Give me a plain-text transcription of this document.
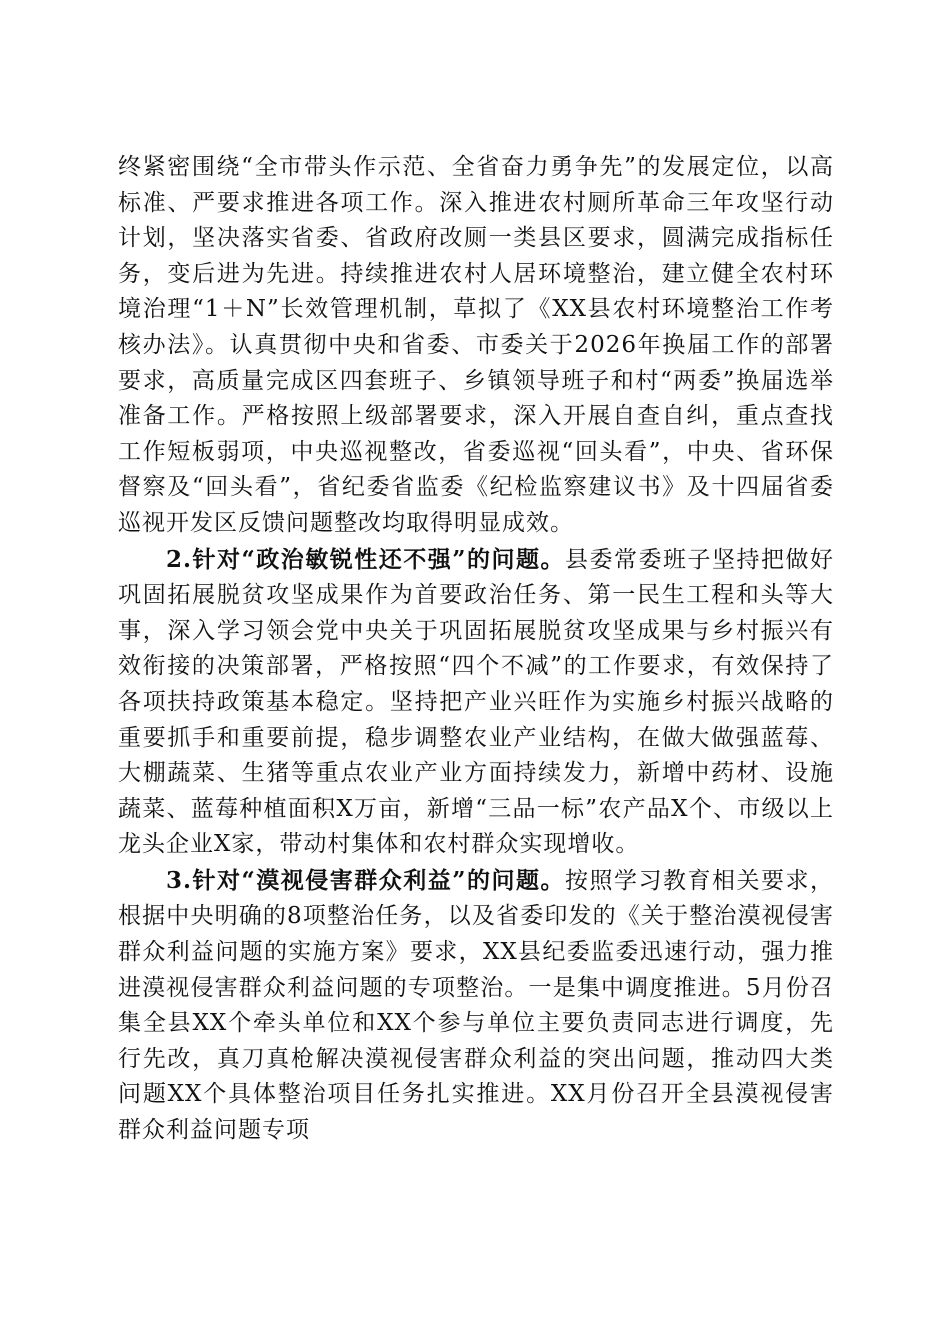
终紧密围绕“全市带头作示范、全省奋力勇争先”的发展定位，以高标准、严要求推进各项工作。深入推进农村厕所革命三年攻坚行动计划，坚决落实省委、省政府改厕一类县区要求，圆满完成指标任务，变后进为先进。持续推进农村人居环境整治，建立健全农村环境治理“1＋N”长效管理机制，草拟了《XX县农村环境整治工作考核办法》。认真贯彻中央和省委、市委关于2026年换届工作的部署要求，高质量完成区四套班子、乡镇领导班子和村“两委”换届选举准备工作。严格按照上级部署要求，深入开展自查自纠，重点查找工作短板弱项，中央巡视整改，省委巡视“回头看”，中央、省环保督察及“回头看”，省纪委省监委《纪检监察建议书》及十四届省委巡视开发区反馈问题整改均取得明显成效。

2.针对“政治敏锐性还不强”的问题。县委常委班子坚持把做好巩固拓展脱贫攻坚成果作为首要政治任务、第一民生工程和头等大事，深入学习领会党中央关于巩固拓展脱贫攻坚成果与乡村振兴有效衔接的决策部署，严格按照“四个不减”的工作要求，有效保持了各项扶持政策基本稳定。坚持把产业兴旺作为实施乡村振兴战略的重要抓手和重要前提，稳步调整农业产业结构，在做大做强蓝莓、大棚蔬菜、生猪等重点农业产业方面持续发力，新增中药材、设施蔬菜、蓝莓种植面积X万亩，新增“三品一标”农产品X个、市级以上龙头企业X家，带动村集体和农村群众实现增收。

3.针对“漠视侵害群众利益”的问题。按照学习教育相关要求，根据中央明确的8项整治任务，以及省委印发的《关于整治漠视侵害群众利益问题的实施方案》要求，XX县纪委监委迅速行动，强力推进漠视侵害群众利益问题的专项整治。一是集中调度推进。5月份召集全县XX个牵头单位和XX个参与单位主要负责同志进行调度，先行先改，真刀真枪解决漠视侵害群众利益的突出问题，推动四大类问题XX个具体整治项目任务扎实推进。XX月份召开全县漠视侵害群众利益问题专项
